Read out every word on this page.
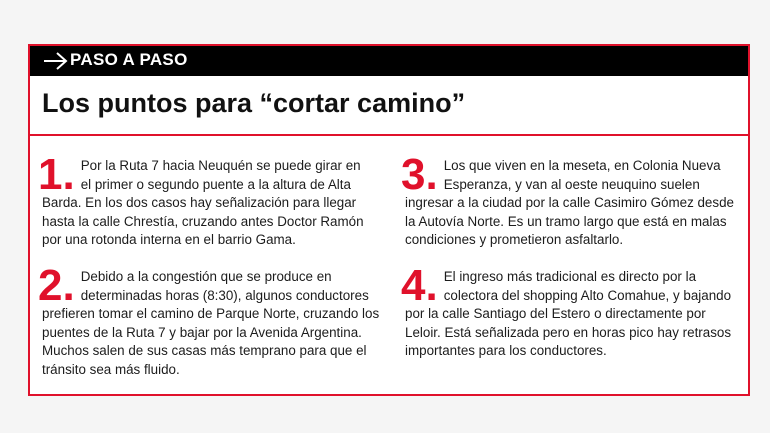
PASO A PASO
Los puntos para “cortar camino”
1. Por la Ruta 7 hacia Neuquén se puede girar en el primer o segundo puente a la altura de Alta Barda. En los dos casos hay señalización para llegar hasta la calle Chrestía, cruzando antes Doctor Ramón por una rotonda interna en el barrio Gama.

2. Debido a la congestión que se produce en determinadas horas (8:30), algunos conductores prefieren tomar el camino de Parque Norte, cruzando los puentes de la Ruta 7 y bajar por la Avenida Argentina. Muchos salen de sus casas más temprano para que el tránsito sea más fluido.

3. Los que viven en la meseta, en Colonia Nueva Esperanza, y van al oeste neuquino suelen ingresar a la ciudad por la calle Casimiro Gómez desde la Autovía Norte. Es un tramo largo que está en malas condiciones y prometieron asfaltarlo.

4. El ingreso más tradicional es directo por la colectora del shopping Alto Comahue, y bajando por la calle Santiago del Estero o directamente por Leloir. Está señalizada pero en horas pico hay retrasos importantes para los conductores.
